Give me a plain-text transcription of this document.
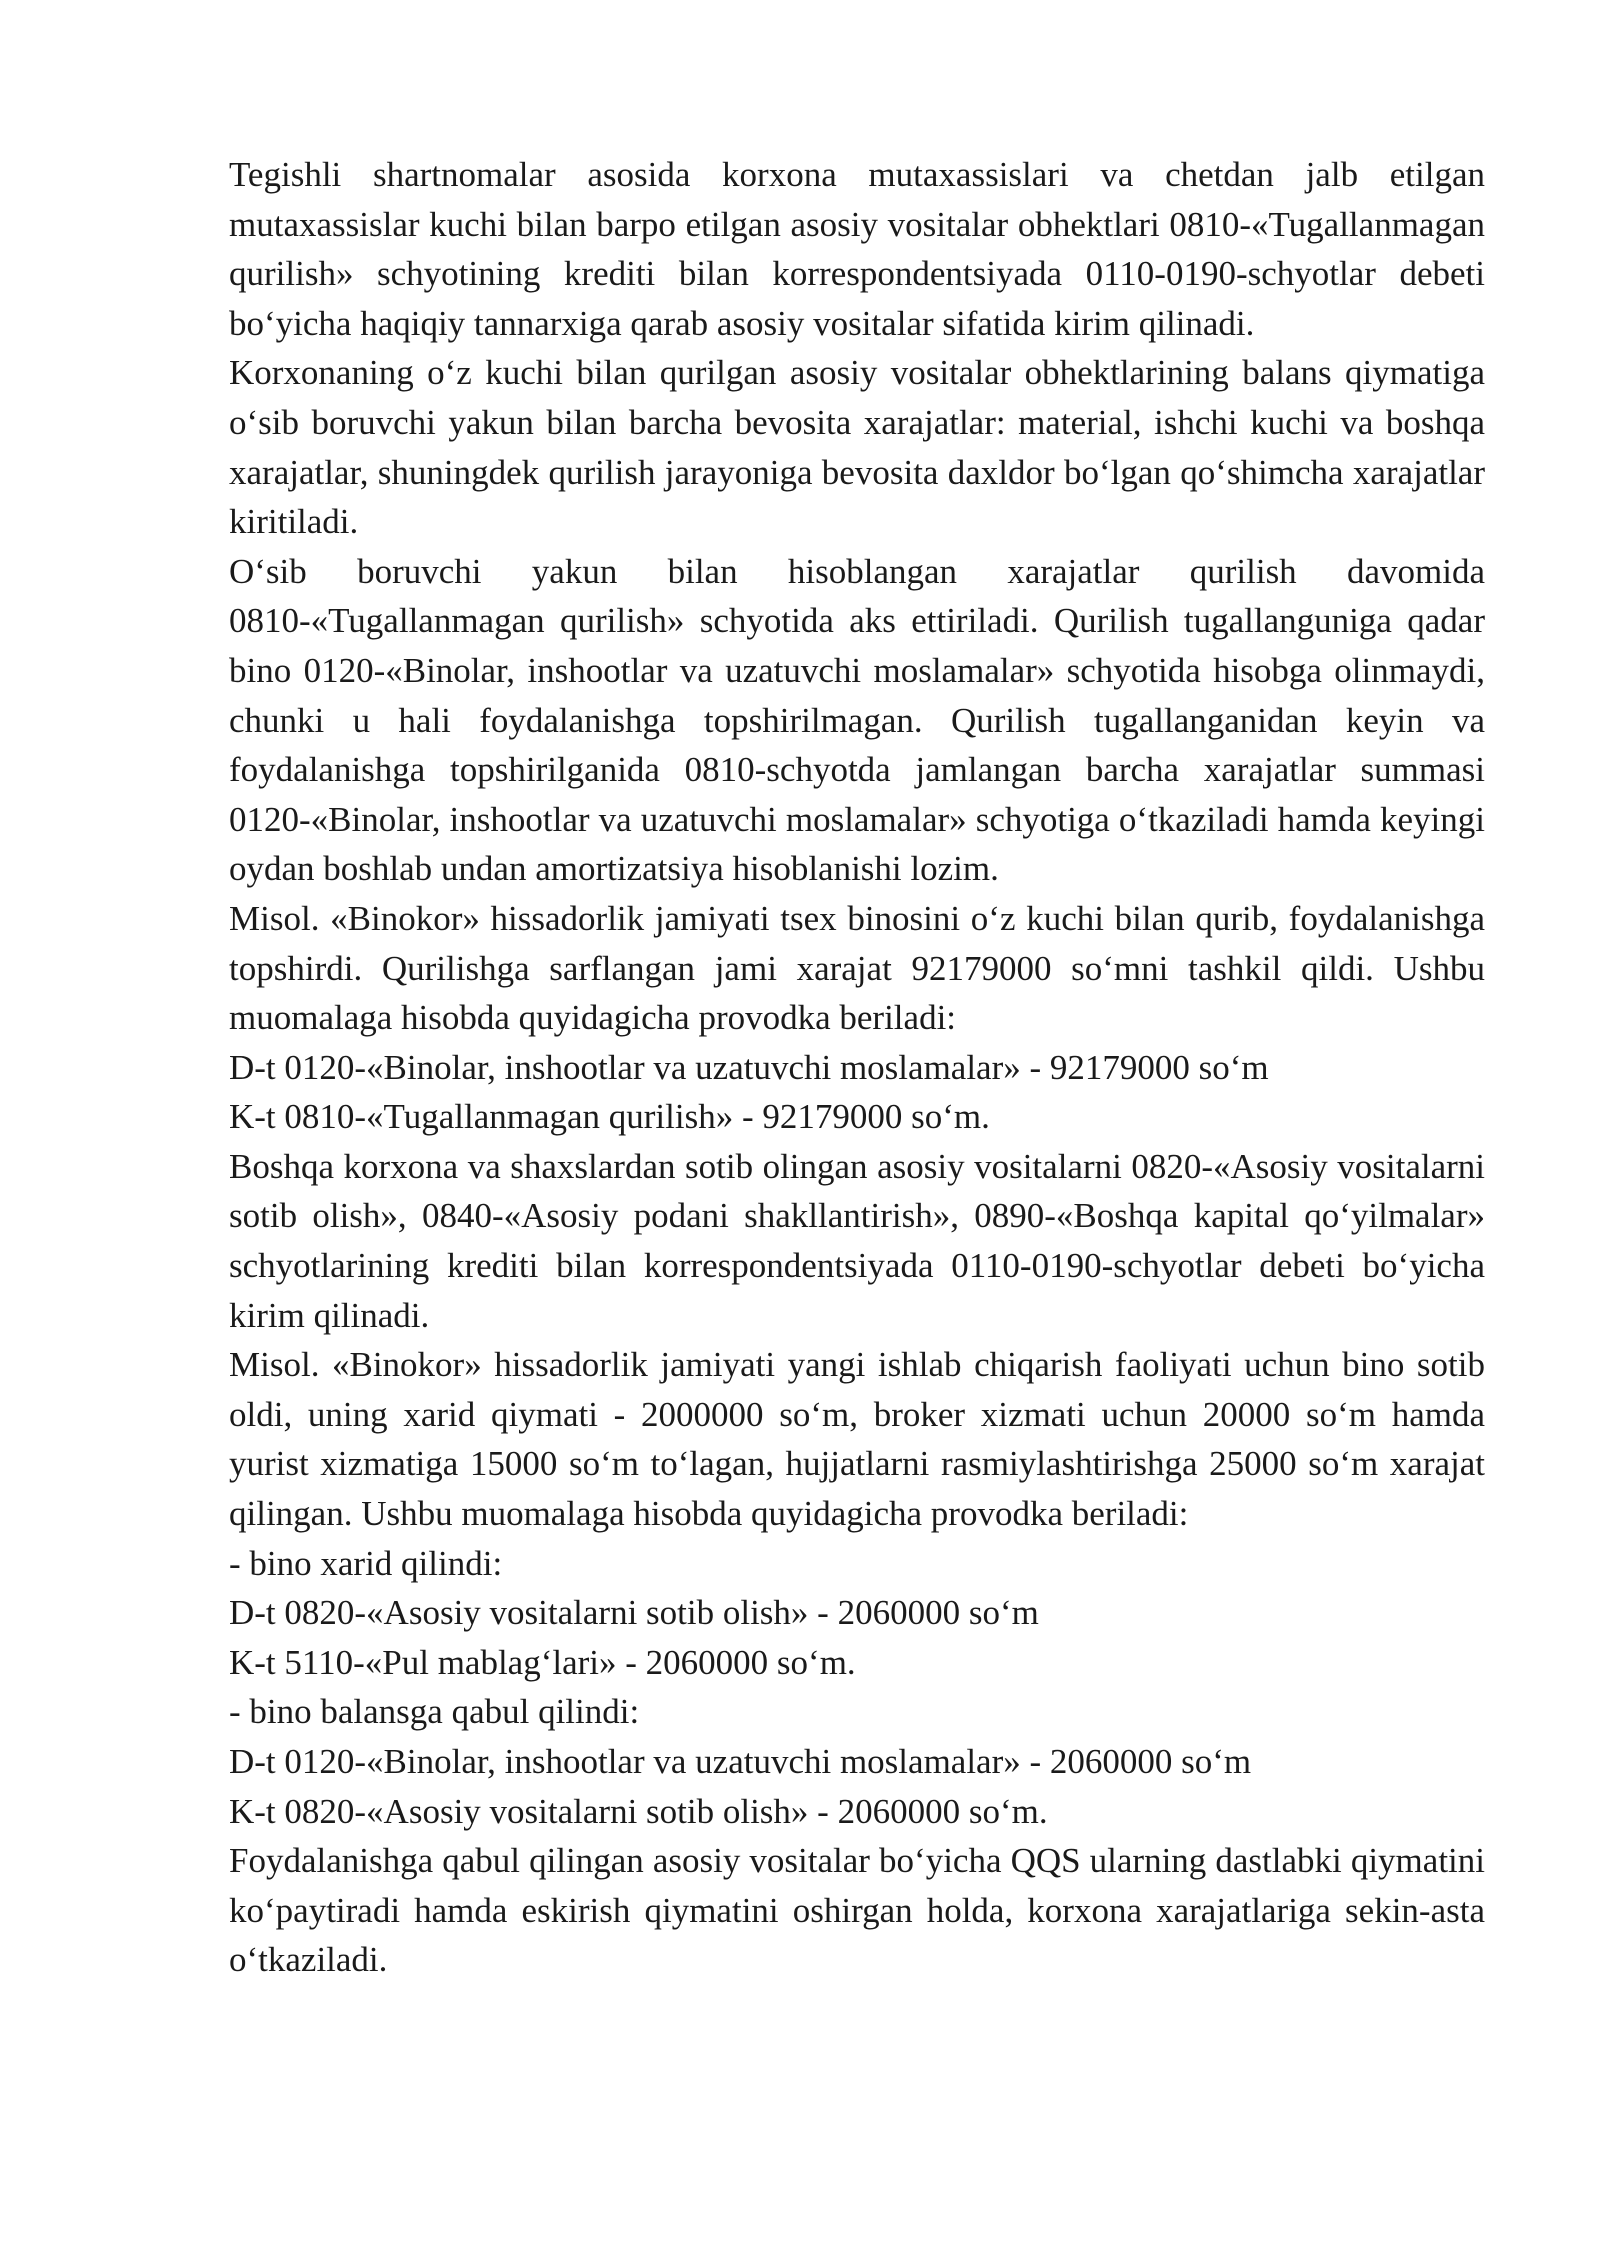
Tegishli shartnomalar asosida korxona mutaxassislari va chetdan jalb etilgan mutaxassislar kuchi bilan barpo etilgan asosiy vositalar obhektlari 0810-«Tugallanmagan qurilish» schyotining krediti bilan korrespondentsiyada 0110-0190-schyotlar debeti bo‘yicha haqiqiy tannarxiga qarab asosiy vositalar sifatida kirim qilinadi.

Korxonaning o‘z kuchi bilan qurilgan asosiy vositalar obhektlarining balans qiymatiga o‘sib boruvchi yakun bilan barcha bevosita xarajatlar: material, ishchi kuchi va boshqa xarajatlar, shuningdek qurilish jarayoniga bevosita daxldor bo‘lgan qo‘shimcha xarajatlar kiritiladi.

O‘sib boruvchi yakun bilan hisoblangan xarajatlar qurilish davomida 0810-«Tugallanmagan qurilish» schyotida aks ettiriladi. Qurilish tugallanguniga qadar bino 0120-«Binolar, inshootlar va uzatuvchi moslamalar» schyotida hisobga olinmaydi, chunki u hali foydalanishga topshirilmagan. Qurilish tugallanganidan keyin va foydalanishga topshirilganida 0810-schyotda jamlangan barcha xarajatlar summasi 0120-«Binolar, inshootlar va uzatuvchi moslamalar» schyotiga o‘tkaziladi hamda keyingi oydan boshlab undan amortizatsiya hisoblanishi lozim.

Misol. «Binokor» hissadorlik jamiyati tsex binosini o‘z kuchi bilan qurib, foydalanishga topshirdi. Qurilishga sarflangan jami xarajat 92179000 so‘mni tashkil qildi. Ushbu muomalaga hisobda quyidagicha provodka beriladi:

D-t 0120-«Binolar, inshootlar va uzatuvchi moslamalar» - 92179000 so‘m

K-t 0810-«Tugallanmagan qurilish» - 92179000 so‘m.

Boshqa korxona va shaxslardan sotib olingan asosiy vositalarni 0820-«Asosiy vositalarni sotib olish», 0840-«Asosiy podani shakllantirish», 0890-«Boshqa kapital qo‘yilmalar» schyotlarining krediti bilan korrespondentsiyada 0110-0190-schyotlar debeti bo‘yicha kirim qilinadi.

Misol. «Binokor» hissadorlik jamiyati yangi ishlab chiqarish faoliyati uchun bino sotib oldi, uning xarid qiymati - 2000000 so‘m, broker xizmati uchun 20000 so‘m hamda yurist xizmatiga 15000 so‘m to‘lagan, hujjatlarni rasmiylashtirishga 25000 so‘m xarajat qilingan. Ushbu muomalaga hisobda quyidagicha provodka beriladi:

- bino xarid qilindi:

D-t 0820-«Asosiy vositalarni sotib olish» - 2060000 so‘m

K-t 5110-«Pul mablag‘lari» - 2060000 so‘m.

- bino balansga qabul qilindi:

D-t 0120-«Binolar, inshootlar va uzatuvchi moslamalar» - 2060000 so‘m

K-t 0820-«Asosiy vositalarni sotib olish» - 2060000 so‘m.

Foydalanishga qabul qilingan asosiy vositalar bo‘yicha QQS ularning dastlabki qiymatini ko‘paytiradi hamda eskirish qiymatini oshirgan holda, korxona xarajatlariga sekin-asta o‘tkaziladi.
